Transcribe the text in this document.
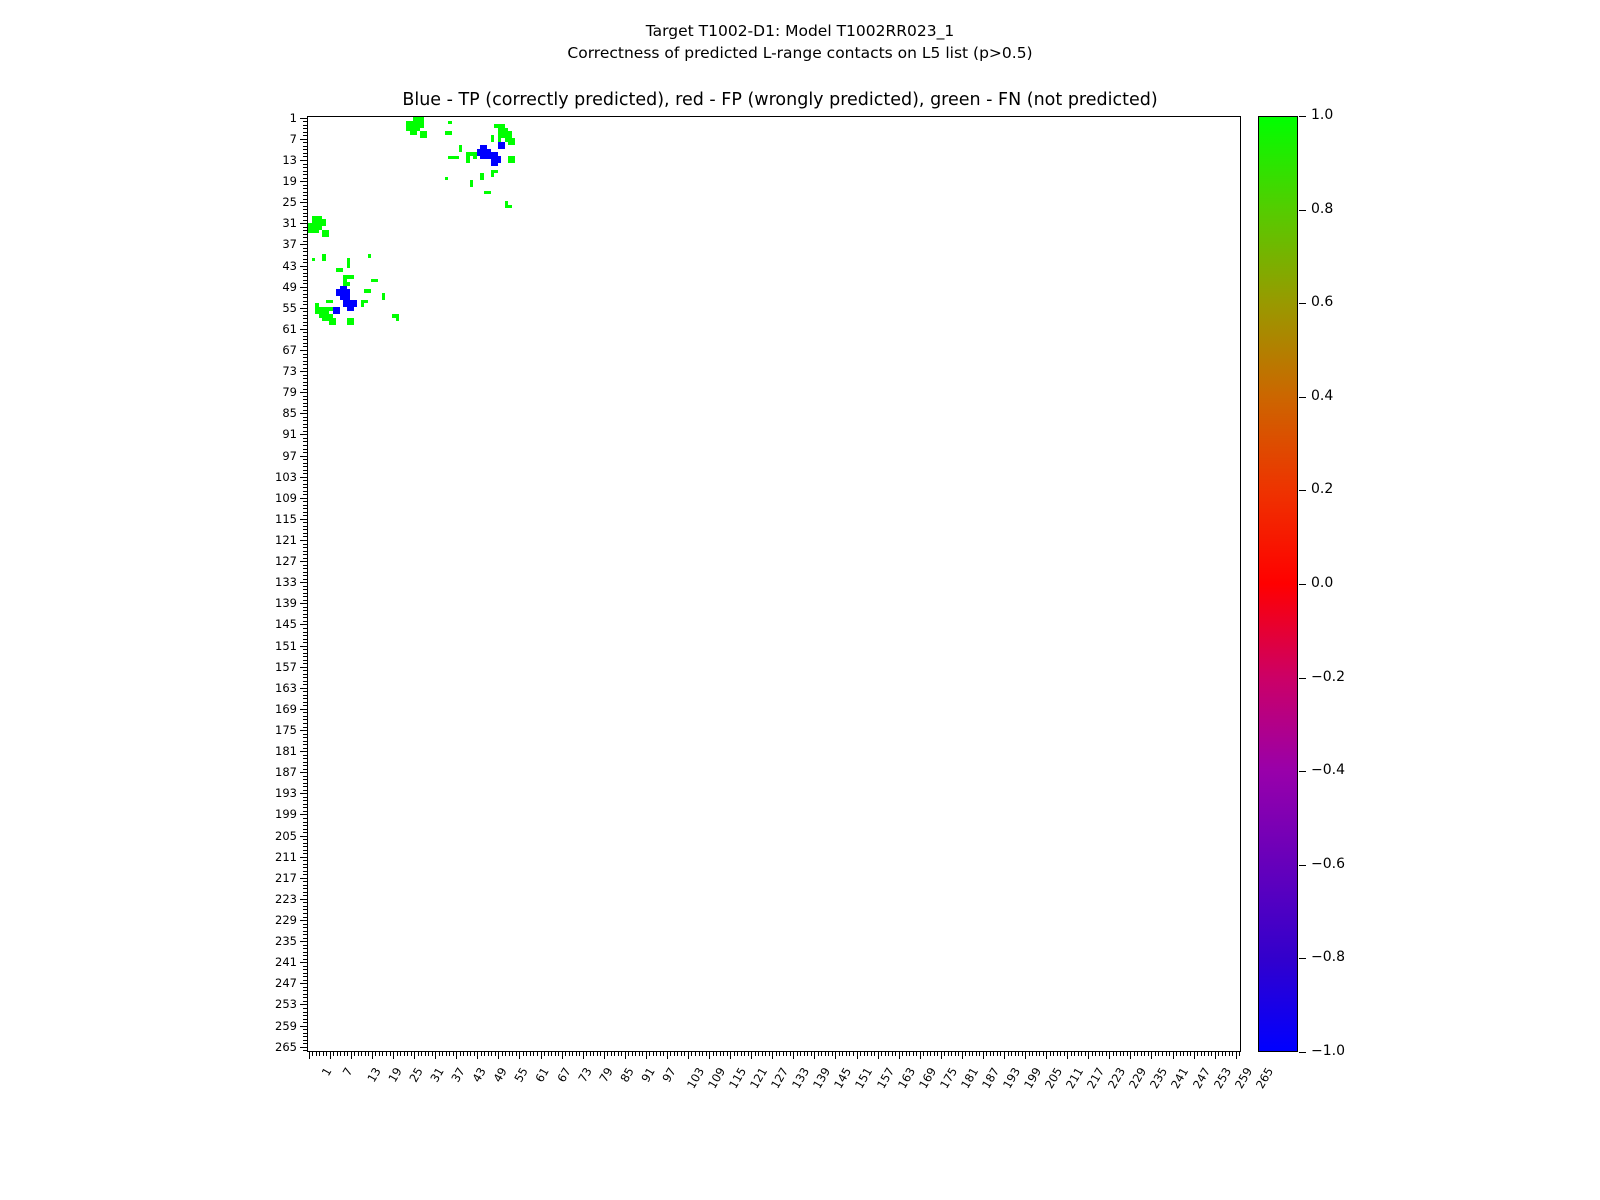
Target T1002-D1: Model T1002RR023_1
Correctness of predicted L-range contacts on L5 list (p>0.5)
Blue - TP (correctly predicted), red - FP (wrongly predicted), green - FN (not predicted)
1
7
13
19
25
31
37
43
49
55
61
67
73
79
85
91
97
103
109
115
121
127
133
139
145
151
157
163
169
175
181
187
193
199
205
211
217
223
229
235
241
247
253
259
265
1 7 13 19 25 31 37 43 49 55 61 67 73 79 85 91 97 103
109
115
121
127
133
139
145
151
157
163
169
175
181
187
193
199
205
211
217
223
229
235
241
247
253
259
265
1.0
0.8
0.6
0.4
0.2
0.0
−0.2
−0.4
−0.6
−0.8
−1.0
